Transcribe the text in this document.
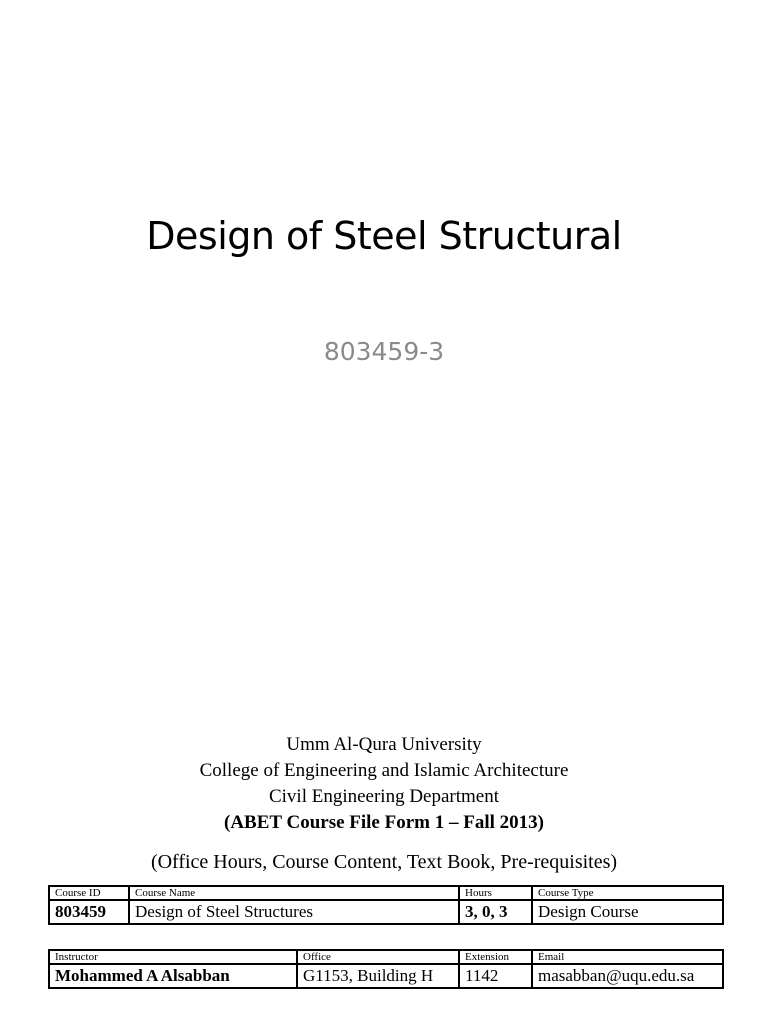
Design of Steel Structural
803459-3
Umm Al-Qura University
College of Engineering and Islamic Architecture
Civil Engineering Department
(ABET Course File Form 1 – Fall 2013)
(Office Hours, Course Content, Text Book, Pre-requisites)
Course ID	Course Name	Hours	Course Type
803459	Design of Steel Structures	3, 0, 3	Design Course
Instructor	Office	Extension	Email
Mohammed A Alsabban	G1153, Building H	1142	masabban@uqu.edu.sa
